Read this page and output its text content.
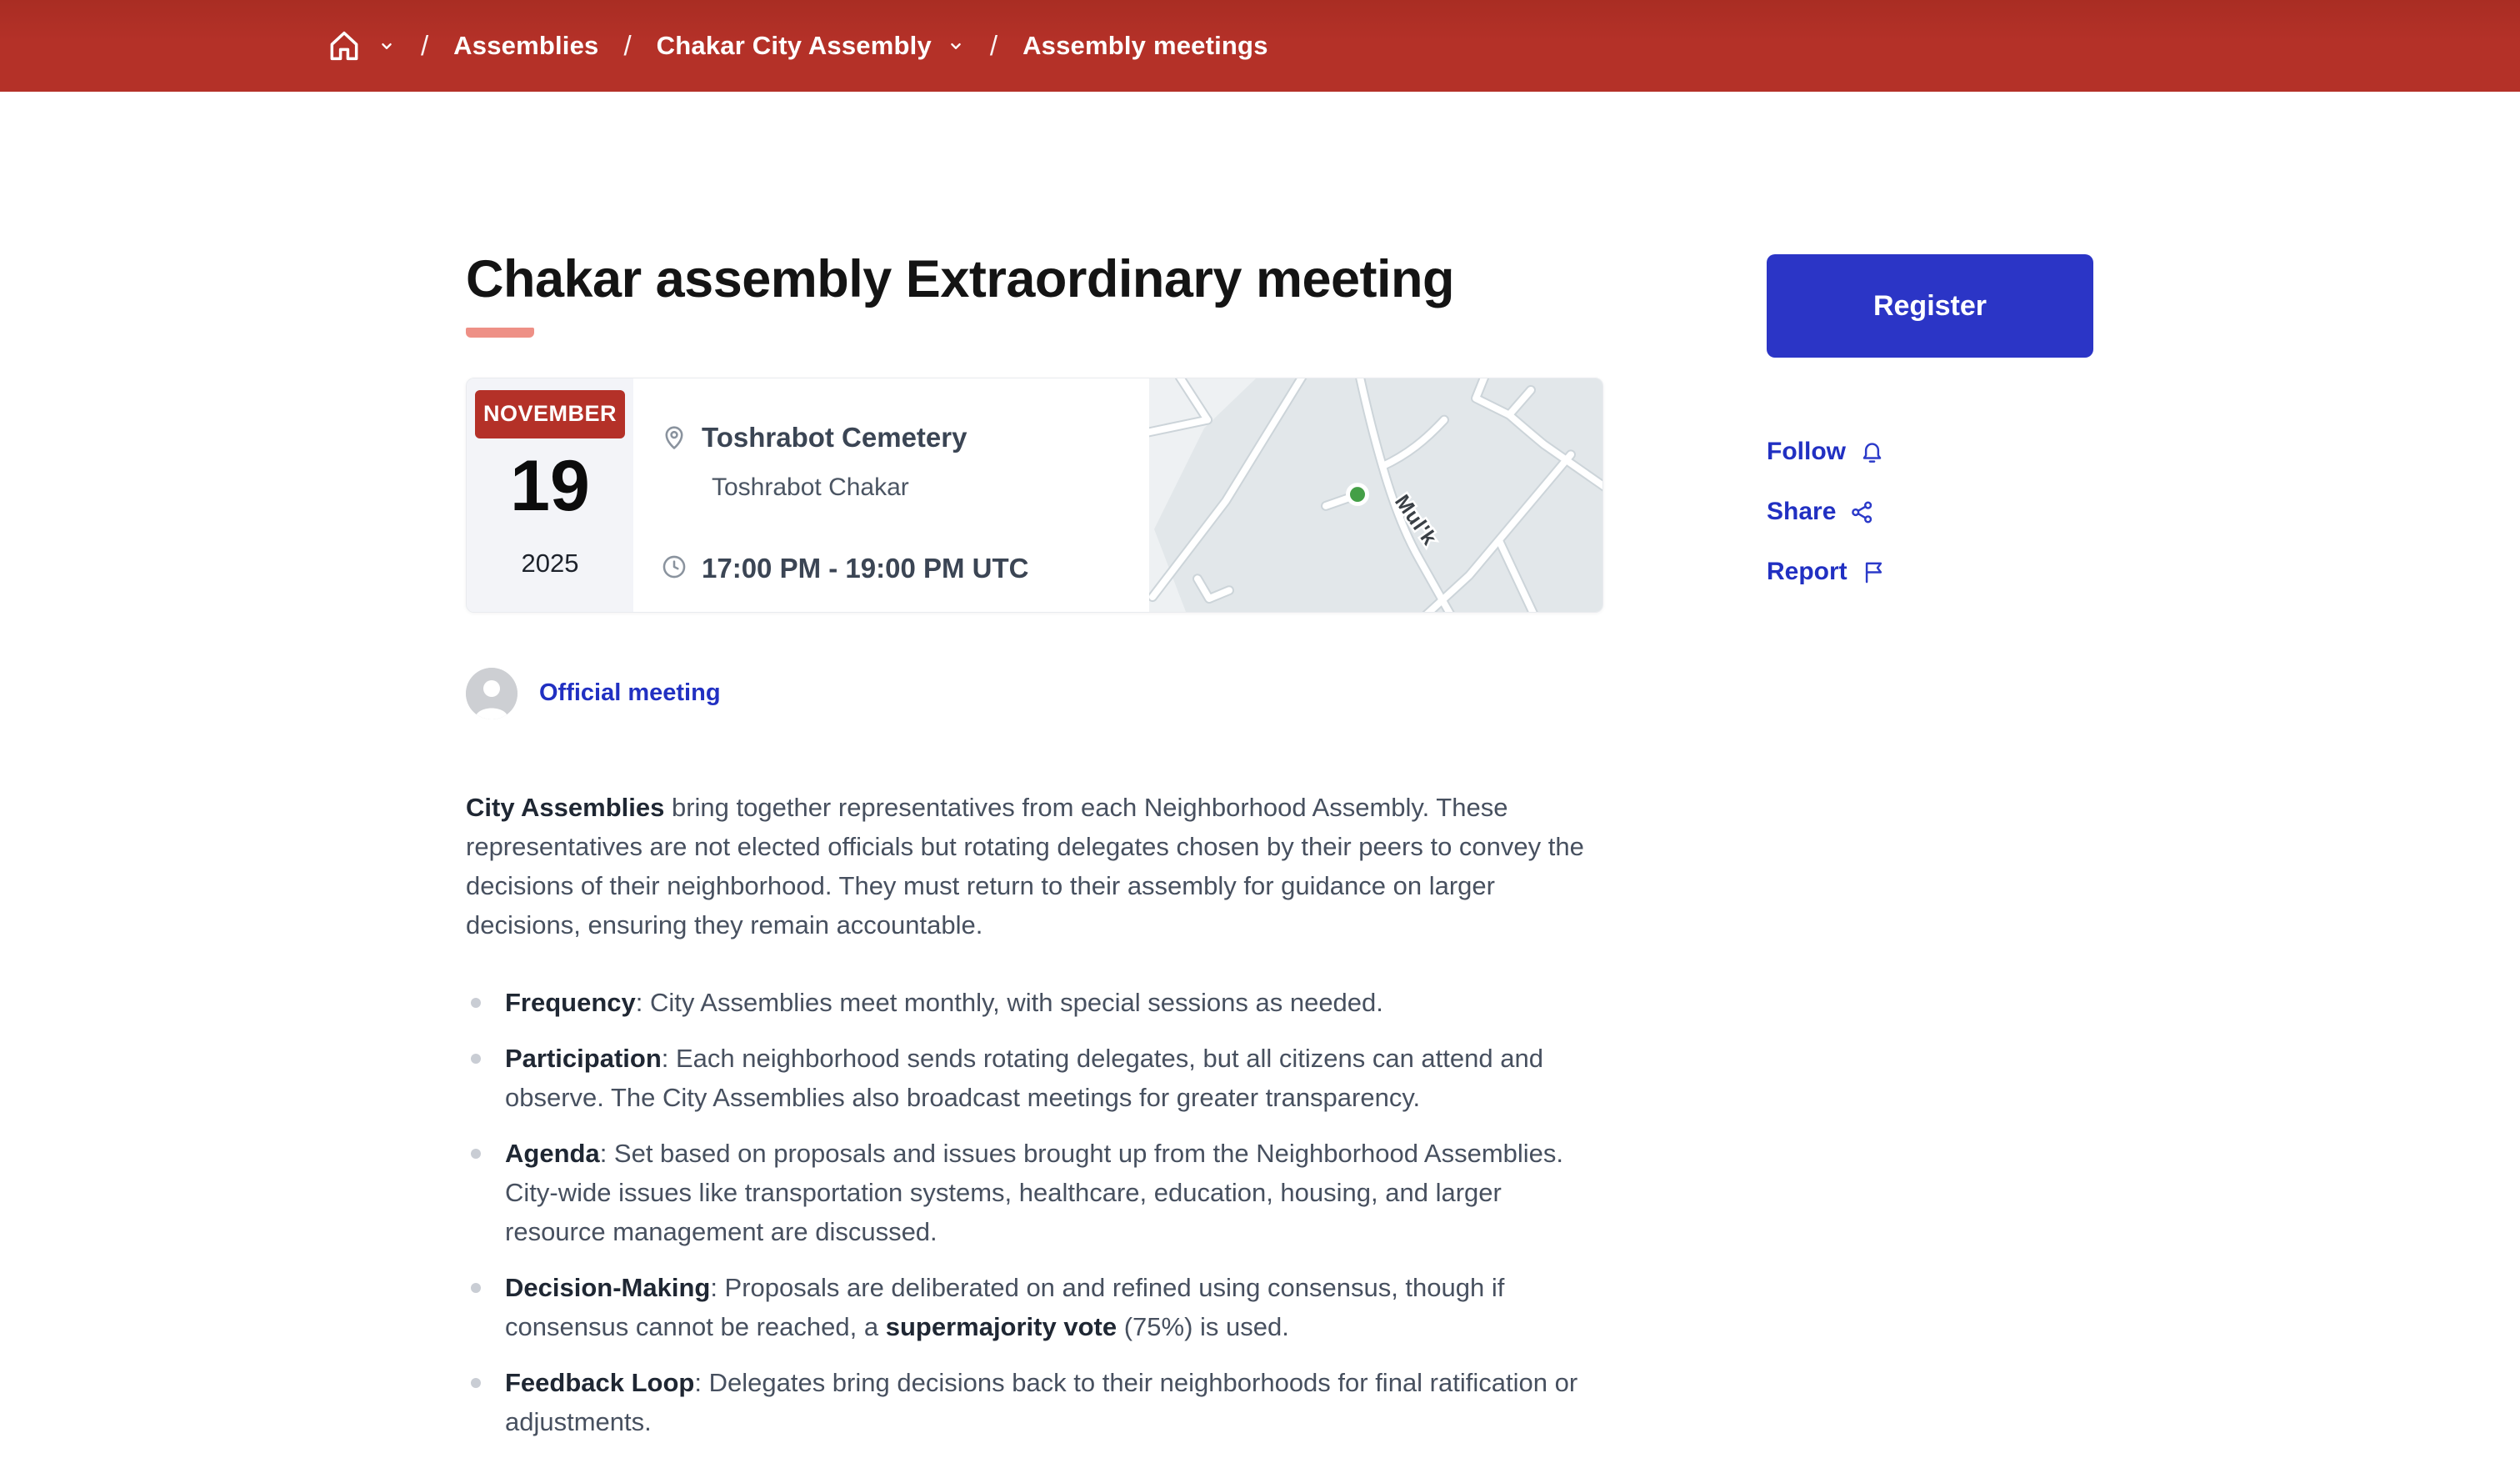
/ Assemblies / Chakar City Assembly / Assembly meetings
Chakar assembly Extraordinary meeting
NOVEMBER
19
2025
Toshrabot Cemetery
Toshrabot Chakar
17:00 PM - 19:00 PM UTC
Mul'k
Official meeting

City Assemblies bring together representatives from each Neighborhood Assembly. These representatives are not elected officials but rotating delegates chosen by their peers to convey the decisions of their neighborhood. They must return to their assembly for guidance on larger decisions, ensuring they remain accountable.

Frequency: City Assemblies meet monthly, with special sessions as needed.
Participation: Each neighborhood sends rotating delegates, but all citizens can attend and observe. The City Assemblies also broadcast meetings for greater transparency.
Agenda: Set based on proposals and issues brought up from the Neighborhood Assemblies. City-wide issues like transportation systems, healthcare, education, housing, and larger resource management are discussed.
Decision-Making: Proposals are deliberated on and refined using consensus, though if consensus cannot be reached, a supermajority vote (75%) is used.
Feedback Loop: Delegates bring decisions back to their neighborhoods for final ratification or adjustments.
Register
Follow
Share
Report
